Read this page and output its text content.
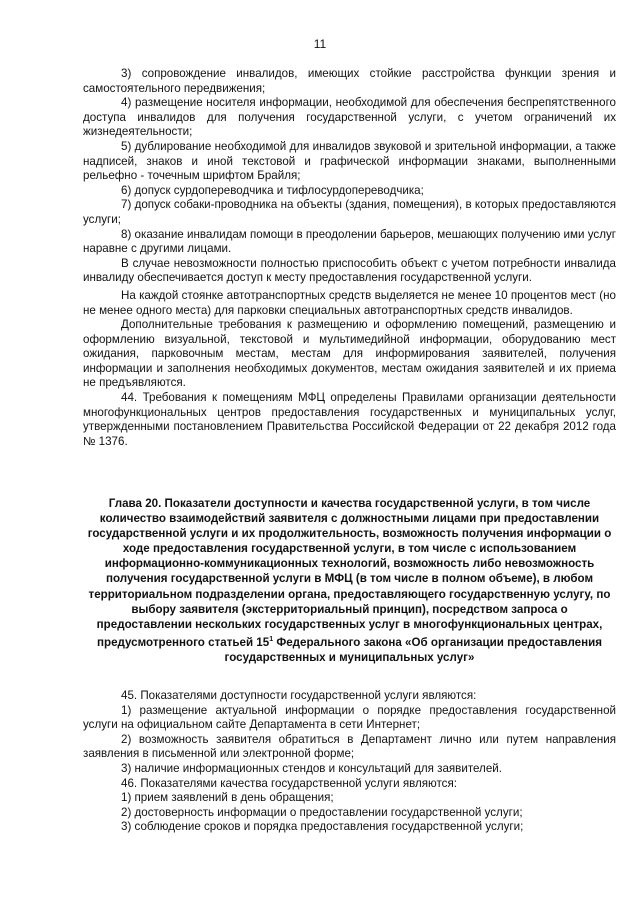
11

3) сопровождение инвалидов, имеющих стойкие расстройства функции зрения и самостоятельного передвижения;

4) размещение носителя информации, необходимой для обеспечения беспрепятственного доступа инвалидов для получения государственной услуги, с учетом ограничений их жизнедеятельности;

5) дублирование необходимой для инвалидов звуковой и зрительной информации, а также надписей, знаков и иной текстовой и графической информации знаками, выполненными рельефно - точечным шрифтом Брайля;

6) допуск сурдопереводчика и тифлосурдопереводчика;

7) допуск собаки-проводника на объекты (здания, помещения), в которых предоставляются услуги;

8) оказание инвалидам помощи в преодолении барьеров, мешающих получению ими услуг наравне с другими лицами.

В случае невозможности полностью приспособить объект с учетом потребности инвалида инвалиду обеспечивается доступ к месту предоставления государственной услуги.

На каждой стоянке автотранспортных средств выделяется не менее 10 процентов мест (но не менее одного места) для парковки специальных автотранспортных средств инвалидов.

Дополнительные требования к размещению и оформлению помещений, размещению и оформлению визуальной, текстовой и мультимедийной информации, оборудованию мест ожидания, парковочным местам, местам для информирования заявителей, получения информации и заполнения необходимых документов, местам ожидания заявителей и их приема не предъявляются.

44. Требования к помещениям МФЦ определены Правилами организации деятельности многофункциональных центров предоставления государственных и муниципальных услуг, утвержденными постановлением Правительства Российской Федерации от 22 декабря 2012 года № 1376.

Глава 20. Показатели доступности и качества государственной услуги, в том числе количество взаимодействий заявителя с должностными лицами при предоставлении государственной услуги и их продолжительность, возможность получения информации о ходе предоставления государственной услуги, в том числе с использованием информационно-коммуникационных технологий, возможность либо невозможность получения государственной услуги в МФЦ (в том числе в полном объеме), в любом территориальном подразделении органа, предоставляющего государственную услугу, по выбору заявителя (экстерриториальный принцип), посредством запроса о предоставлении нескольких государственных услуг в многофункциональных центрах, предусмотренного статьей $15^1$ Федерального закона «Об организации предоставления государственных и муниципальных услуг»

45. Показателями доступности государственной услуги являются:

1) размещение актуальной информации о порядке предоставления государственной услуги на официальном сайте Департамента в сети Интернет;

2) возможность заявителя обратиться в Департамент лично или путем направления заявления в письменной или электронной форме;

3) наличие информационных стендов и консультаций для заявителей.

46. Показателями качества государственной услуги являются:

1) прием заявлений в день обращения;

2) достоверность информации о предоставлении государственной услуги;

3) соблюдение сроков и порядка предоставления государственной услуги;
